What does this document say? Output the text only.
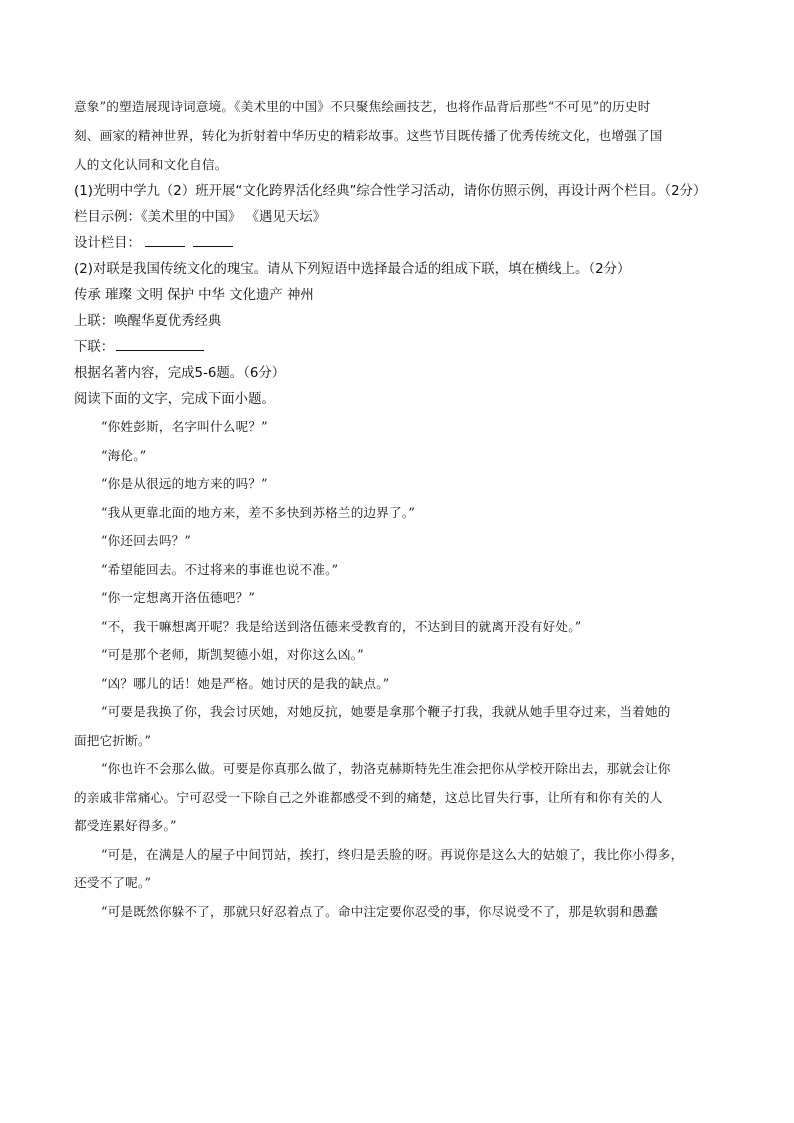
意象”的塑造展现诗词意境。《美术里的中国》不只聚焦绘画技艺，也将作品背后那些“不可见”的历史时

刻、画家的精神世界，转化为折射着中华历史的精彩故事。这些节目既传播了优秀传统文化，也增强了国

人的文化认同和文化自信。

(1)光明中学九（2）班开展“文化跨界活化经典”综合性学习活动，请你仿照示例，再设计两个栏目。（2分）

栏目示例：《美术里的中国》 《遇见天坛》

设计栏目：

(2)对联是我国传统文化的瑰宝。请从下列短语中选择最合适的组成下联，填在横线上。（2分）

传承 璀璨 文明 保护 中华 文化遗产 神州

上联：唤醒华夏优秀经典

下联：

根据名著内容，完成5-6题。（6分）

阅读下面的文字，完成下面小题。

“你姓彭斯，名字叫什么呢？”

“海伦。”

“你是从很远的地方来的吗？”

“我从更靠北面的地方来，差不多快到苏格兰的边界了。”

“你还回去吗？”

“希望能回去。不过将来的事谁也说不准。”

“你一定想离开洛伍德吧？”

“不，我干嘛想离开呢？我是给送到洛伍德来受教育的，不达到目的就离开没有好处。”

“可是那个老师，斯凯契德小姐，对你这么凶。”

“凶？哪儿的话！她是严格。她讨厌的是我的缺点。”

“可要是我换了你，我会讨厌她，对她反抗，她要是拿那个鞭子打我，我就从她手里夺过来，当着她的

面把它折断。”

“你也许不会那么做。可要是你真那么做了，勃洛克赫斯特先生准会把你从学校开除出去，那就会让你

的亲戚非常痛心。宁可忍受一下除自己之外谁都感受不到的痛楚，这总比冒失行事，让所有和你有关的人

都受连累好得多。”

“可是，在满是人的屋子中间罚站，挨打，终归是丢脸的呀。再说你是这么大的姑娘了，我比你小得多，

还受不了呢。”

“可是既然你躲不了，那就只好忍着点了。命中注定要你忍受的事，你尽说受不了，那是软弱和愚蠢
